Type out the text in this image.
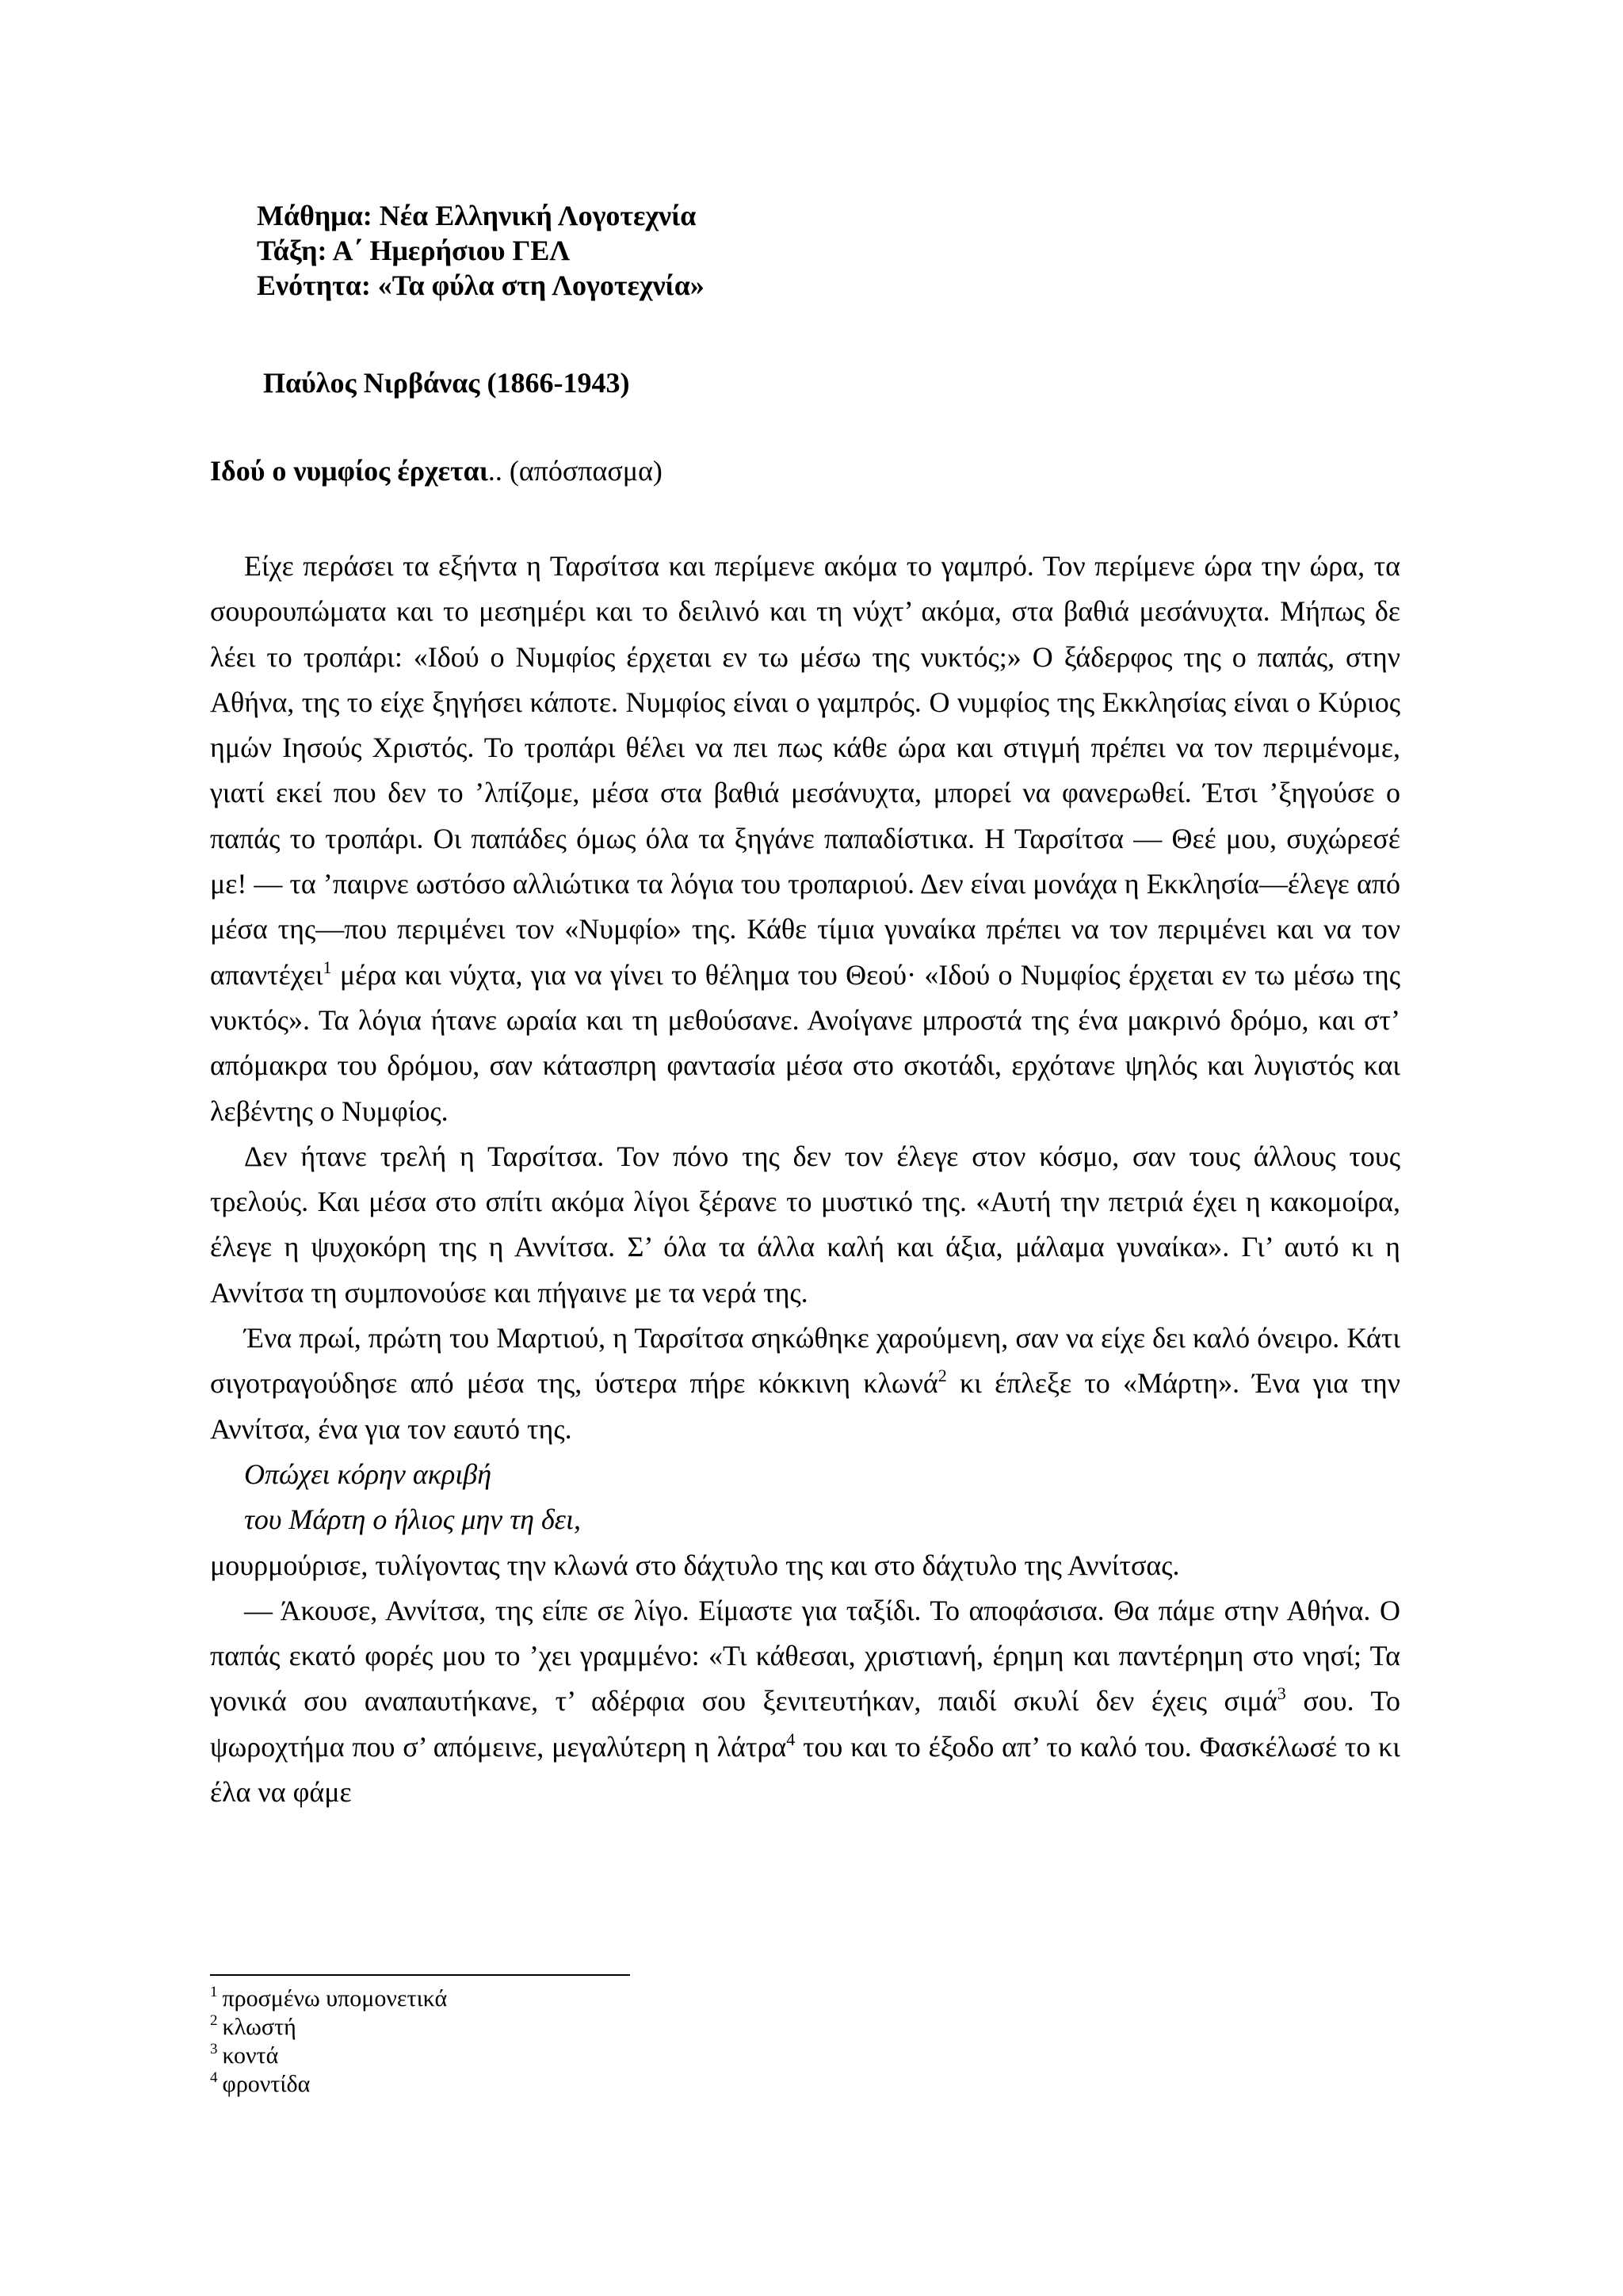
Μάθημα: Νέα Ελληνική Λογοτεχνία
Τάξη: Α΄ Ημερήσιου ΓΕΛ
Ενότητα: «Τα φύλα στη Λογοτεχνία»
Παύλος Νιρβάνας (1866-1943)
Ιδού ο νυμφίος έρχεται.. (απόσπασμα)

Είχε περάσει τα εξήντα η Ταρσίτσα και περίμενε ακόμα το γαμπρό. Τον περίμενε ώρα την ώρα, τα σουρουπώματα και το μεσημέρι και το δειλινό και τη νύχτ’ ακόμα, στα βαθιά μεσάνυχτα. Μήπως δε λέει το τροπάρι: «Ιδού ο Νυμφίος έρχεται εν τω μέσω της νυκτός;» Ο ξάδερφος της ο παπάς, στην Αθήνα, της το είχε ξηγήσει κάποτε. Νυμφίος είναι ο γαμπρός. Ο νυμφίος της Εκκλησίας είναι ο Κύριος ημών Ιησούς Χριστός. Το τροπάρι θέλει να πει πως κάθε ώρα και στιγμή πρέπει να τον περιμένομε, γιατί εκεί που δεν το ’λπίζομε, μέσα στα βαθιά μεσάνυχτα, μπορεί να φανερωθεί. Έτσι ’ξηγούσε ο παπάς το τροπάρι. Οι παπάδες όμως όλα τα ξηγάνε παπαδίστικα. Η Ταρσίτσα — Θεέ μου, συχώρεσέ με! — τα ’παιρνε ωστόσο αλλιώτικα τα λόγια του τροπαριού. Δεν είναι μονάχα η Εκκλησία—έλεγε από μέσα της—που περιμένει τον «Νυμφίο» της. Κάθε τίμια γυναίκα πρέπει να τον περιμένει και να τον απαντέχει$^1$ μέρα και νύχτα, για να γίνει το θέλημα του Θεού· «Ιδού ο Νυμφίος έρχεται εν τω μέσω της νυκτός». Τα λόγια ήτανε ωραία και τη μεθούσανε. Ανοίγανε μπροστά της ένα μακρινό δρόμο, και στ’ απόμακρα του δρόμου, σαν κάτασπρη φαντασία μέσα στο σκοτάδι, ερχότανε ψηλός και λυγιστός και λεβέντης ο Νυμφίος.

Δεν ήτανε τρελή η Ταρσίτσα. Τον πόνο της δεν τον έλεγε στον κόσμο, σαν τους άλλους τους τρελούς. Και μέσα στο σπίτι ακόμα λίγοι ξέρανε το μυστικό της. «Αυτή την πετριά έχει η κακομοίρα, έλεγε η ψυχοκόρη της η Αννίτσα. Σ’ όλα τα άλλα καλή και άξια, μάλαμα γυναίκα». Γι’ αυτό κι η Αννίτσα τη συμπονούσε και πήγαινε με τα νερά της.

Ένα πρωί, πρώτη του Μαρτιού, η Ταρσίτσα σηκώθηκε χαρούμενη, σαν να είχε δει καλό όνειρο. Κάτι σιγοτραγούδησε από μέσα της, ύστερα πήρε κόκκινη κλωνά$^2$ κι έπλεξε το «Μάρτη». Ένα για την Αννίτσα, ένα για τον εαυτό της.

Οπώχει κόρην ακριβή

του Μάρτη ο ήλιος μην τη δει,

μουρμούρισε, τυλίγοντας την κλωνά στο δάχτυλο της και στο δάχτυλο της Αννίτσας.

— Άκουσε, Αννίτσα, της είπε σε λίγο. Είμαστε για ταξίδι. Το αποφάσισα. Θα πάμε στην Αθήνα. Ο παπάς εκατό φορές μου το ’χει γραμμένο: «Τι κάθεσαι, χριστιανή, έρημη και παντέρημη στο νησί; Τα γονικά σου αναπαυτήκανε, τ’ αδέρφια σου ξενιτευτήκαν, παιδί σκυλί δεν έχεις σιμά$^3$ σου. Το ψωροχτήμα που σ’ απόμεινε, μεγαλύτερη η λάτρα$^4$ του και το έξοδο απ’ το καλό του. Φασκέλωσέ το κι έλα να φάμε

$^1$ προσμένω υπομονετικά
$^2$ κλωστή
$^3$ κοντά
$^4$ φροντίδα
